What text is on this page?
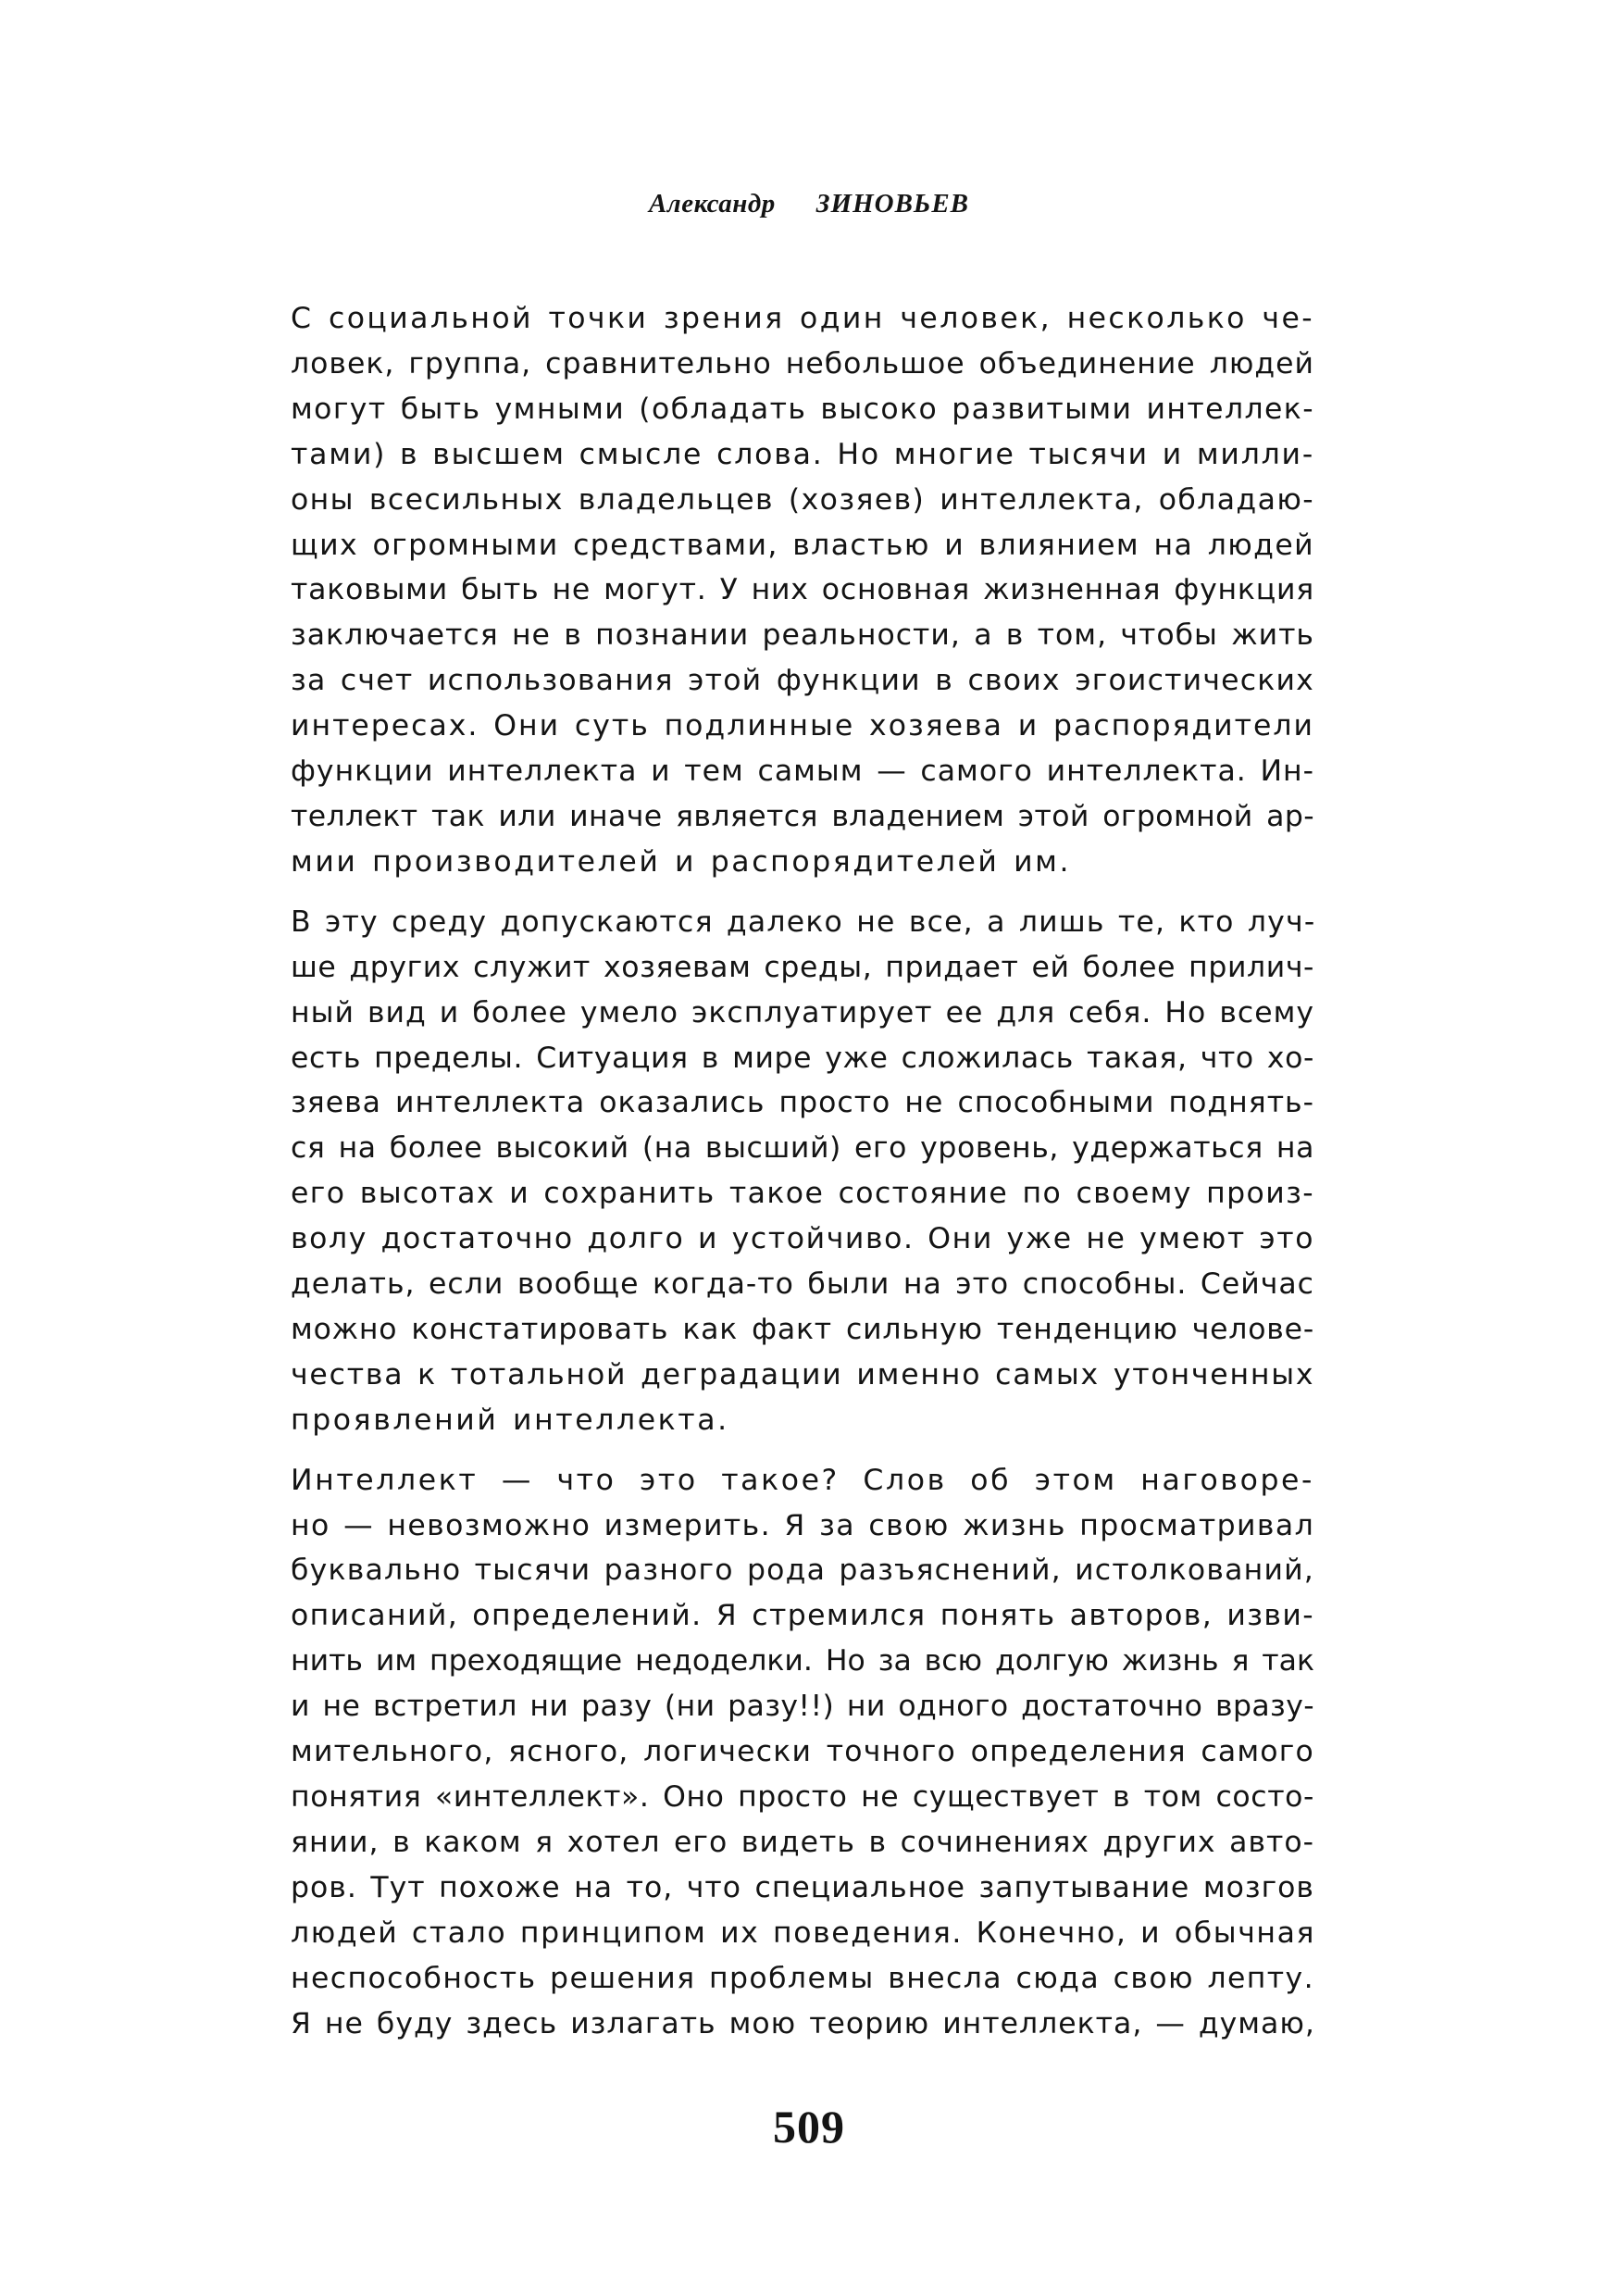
Александр ЗИНОВЬЕВ

С социальной точки зрения один человек, несколько че-
ловек, группа, сравнительно небольшое объединение людей
могут быть умными (обладать высоко развитыми интеллек-
тами) в высшем смысле слова. Но многие тысячи и милли-
оны всесильных владельцев (хозяев) интеллекта, обладаю-
щих огромными средствами, властью и влиянием на людей
таковыми быть не могут. У них основная жизненная функция
заключается не в познании реальности, а в том, чтобы жить
за счет использования этой функции в своих эгоистических
интересах. Они суть подлинные хозяева и распорядители
функции интеллекта и тем самым — самого интеллекта. Ин-
теллект так или иначе является владением этой огромной ар-
мии производителей и распорядителей им.

В эту среду допускаются далеко не все, а лишь те, кто луч-
ше других служит хозяевам среды, придает ей более прилич-
ный вид и более умело эксплуатирует ее для себя. Но всему
есть пределы. Ситуация в мире уже сложилась такая, что хо-
зяева интеллекта оказались просто не способными поднять-
ся на более высокий (на высший) его уровень, удержаться на
его высотах и сохранить такое состояние по своему произ-
волу достаточно долго и устойчиво. Они уже не умеют это
делать, если вообще когда-то были на это способны. Сейчас
можно констатировать как факт сильную тенденцию челове-
чества к тотальной деградации именно самых утонченных
проявлений интеллекта.

Интеллект — что это такое? Слов об этом наговоре-
но — невозможно измерить. Я за свою жизнь просматривал
буквально тысячи разного рода разъяснений, истолкований,
описаний, определений. Я стремился понять авторов, изви-
нить им преходящие недоделки. Но за всю долгую жизнь я так
и не встретил ни разу (ни разу!!) ни одного достаточно вразу-
мительного, ясного, логически точного определения самого
понятия «интеллект». Оно просто не существует в том состо-
янии, в каком я хотел его видеть в сочинениях других авто-
ров. Тут похоже на то, что специальное запутывание мозгов
людей стало принципом их поведения. Конечно, и обычная
неспособность решения проблемы внесла сюда свою лепту.
Я не буду здесь излагать мою теорию интеллекта, — думаю,

509
